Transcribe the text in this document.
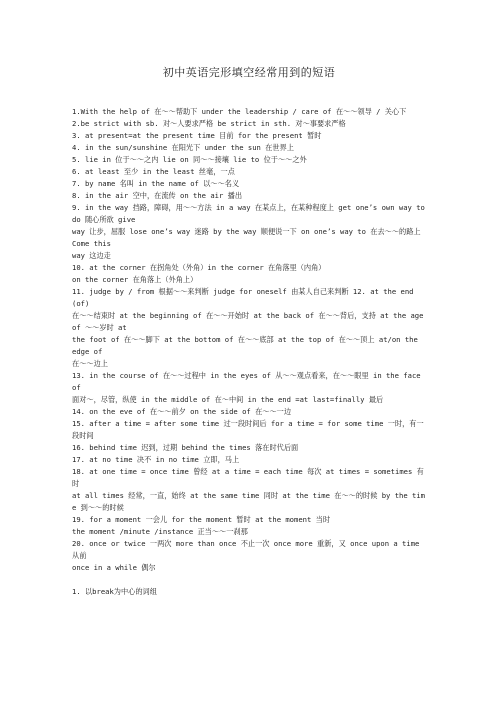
初中英语完形填空经常用到的短语
1.With the help of 在～～帮助下 under the leadership / care of 在～～领导 / 关心下
2.be strict with sb. 对～人要求严格 be strict in sth. 对～事要求严格
3. at present=at the present time 目前 for the present 暂时
4. in the sun/sunshine 在阳光下 under the sun 在世界上
5. lie in 位于～～之内 lie on 同～～接壤 lie to 位于～～之外
6. at least 至少 in the least 丝毫，一点
7. by name 名叫 in the name of 以～～名义
8. in the air 空中，在流传 on the air 播出
9. in the way 挡路，障碍，用～～方法 in a way 在某点上，在某种程度上 get one’s own way to do 随心所欲 give
way 让步，屈服 lose one’s way 迷路 by the way 顺便说一下 on one’s way to 在去～～的路上 Come this
way 这边走
10. at the corner 在拐角处（外角）in the corner 在角落里（内角）
on the corner 在角落上（外角上）
11. judge by / from 根据～～来判断 judge for oneself 由某人自己来判断 12. at the end (of)
在～～结束时 at the beginning of 在～～开始时 at the back of 在～～背后，支持 at the age of ～～岁时 at
the foot of 在～～脚下 at the bottom of 在～～底部 at the top of 在～～顶上 at/on the edge of
在～～边上
13. in the course of 在～～过程中 in the eyes of 从～～观点看来，在～～眼里 in the face of
面对～，尽管，纵使 in the middle of 在～中间 in the end =at last=finally 最后
14. on the eve of 在～～前夕 on the side of 在～～一边
15. after a time = after some time 过一段时间后 for a time = for some time 一时，有一段时间
16. behind time 迟到，过期 behind the times 落在时代后面
17. at no time 决不 in no time 立即，马上
18. at one time = once time 曾经 at a time = each time 每次 at times = sometimes 有时
at all times 经常，一直，始终 at the same time 同时 at the time 在～～的时候 by the time 到～～的时候
19. for a moment 一会儿 for the moment 暂时 at the moment 当时
the moment /minute /instance 正当～～一刹那
20. once or twice 一两次 more than once 不止一次 once more 重新，又 once upon a time 从前
once in a while 偶尔
1. 以break为中心的词组
